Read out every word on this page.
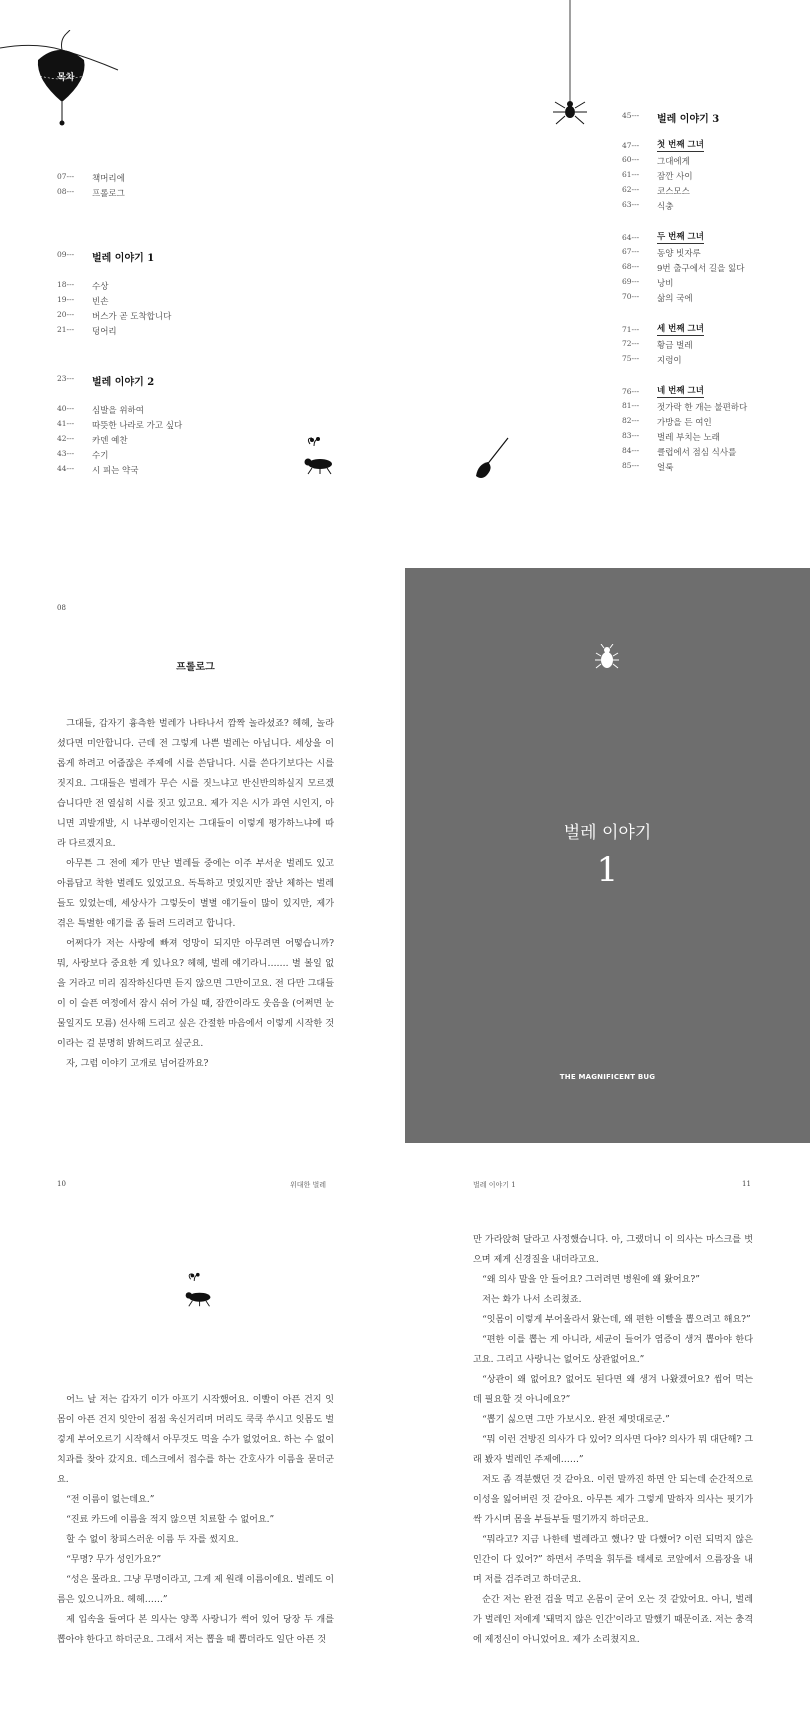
목차
07---	책머리에
08---	프롤로그
09--- 벌레 이야기 1
18---	수상
19---	빈손
20---	버스가 곧 도착합니다
21---	덩어리
23--- 벌레 이야기 2
40---	심발을 위하여
41---	따뜻한 나라로 가고 싶다
42---	카덴 예찬
43---	수기
44---	시 피는 약국
45--- 벌레 이야기 3
47--- 첫 번째 그녀
60---	그대에게
61---	잠깐 사이
62---	코스모스
63---	식충
64--- 두 번째 그녀
67---	동양 빗자루
68---	9번 출구에서 길을 잃다
69---	낭비
70---	삶의 국에
71--- 세 번째 그녀
72---	황금 벌레
75---	지렁이
76--- 네 번째 그녀
81---	젓가락 한 개는 불편하다
82---	가방을 든 여인
83---	벌레 부치는 노래
84---	클럽에서 점심 식사를
85---	얼룩
08
프롤로그

그대들, 갑자기 흉측한 벌레가 나타나서 깜짝 놀라셨죠? 헤헤, 놀라셨다면 미안합니다. 근데 전 그렇게 나쁜 벌레는 아닙니다. 세상을 이롭게 하려고 어줍잖은 주제에 시를 쓴답니다. 시를 쓴다기보다는 시를 짓지요. 그대들은 벌레가 무슨 시를 짓느냐고 반신반의하실지 모르겠습니다만 전 열심히 시를 짓고 있고요. 제가 지은 시가 과연 시인지, 아니면 괴발개발, 시 나부랭이인지는 그대들이 이렇게 평가하느냐에 따라 다르겠지요.

아무튼 그 전에 제가 만난 벌레들 중에는 이주 부서운 벌레도 있고 아름답고 착한 벌레도 있었고요. 독특하고 멋있지만 잘난 체하는 벌레들도 있었는데, 세상사가 그렇듯이 별별 얘기들이 많이 있지만, 제가 겪은 특별한 얘기를 좀 들려 드리려고 합니다.

어쩌다가 저는 사랑에 빠져 엉망이 되지만 아무려면 어떻습니까? 뭐, 사랑보다 중요한 게 있나요? 헤헤, 벌레 얘기라니……. 별 볼일 없을 거라고 미리 짐작하신다면 듣지 않으면 그만이고요. 전 다만 그대들이 이 슬픈 여정에서 잠시 쉬어 가실 때, 잠깐이라도 웃음을 (어쩌면 눈물일지도 모름) 선사해 드리고 싶은 간절한 마음에서 이렇게 시작한 것이라는 걸 분명히 밝혀드리고 싶군요.

자, 그럼 이야기 고개로 넘어갈까요?

벌레 이야기
1
THE MAGNIFICENT BUG
10	위대한 벌레

어느 날 저는 갑자기 이가 아프기 시작했어요. 이빨이 아픈 건지 잇몸이 아픈 건지 잇안이 점점 욱신거리며 머리도 쿡쿡 쑤시고 잇몸도 벌겋게 부어오르기 시작해서 아무것도 먹을 수가 없었어요. 하는 수 없이 치과를 찾아 갔지요. 데스크에서 접수를 하는 간호사가 이름을 묻더군요.

“전 이름이 없는데요.”

“진료 카드에 이름을 적지 않으면 치료할 수 없어요.”

할 수 없이 창피스러운 이름 두 자를 썼지요.

“무명? 무가 성인가요?”

“성은 몰라요. 그냥 무명이라고, 그게 제 원래 이름이에요. 벌레도 이름은 있으니까요. 헤헤……”

제 입속을 들여다 본 의사는 양쪽 사랑니가 썩어 있어 당장 두 개를 뽑아야 한다고 하더군요. 그래서 저는 뽑을 때 뽑더라도 일단 아픈 것

벌레 이야기 1	11

만 가라앉혀 달라고 사정했습니다. 아, 그랬더니 이 의사는 마스크를 벗으며 제게 신경질을 내더라고요.

“왜 의사 말을 안 들어요? 그러려면 병원에 왜 왔어요?”

저는 화가 나서 소리쳤죠.

“잇몸이 이렇게 부어올라서 왔는데, 왜 편한 이빨을 뽑으려고 해요?”

“편한 이를 뽑는 게 아니라, 세균이 들어가 염증이 생겨 뽑아야 한다고요. 그리고 사랑니는 없어도 상관없어요.”

“상관이 왜 없어요? 없어도 된다면 왜 생겨 나왔겠어요? 씹어 먹는 데 필요할 것 아니에요?”

“뽑기 싫으면 그만 가보시오. 완전 제멋대로군.”

“뭐 이런 건방진 의사가 다 있어? 의사면 다야? 의사가 뭐 대단해? 그래 봤자 벌레인 주제에……”

저도 좀 격분했던 것 같아요. 이런 말까진 하면 안 되는데 순간적으로 이성을 잃어버린 것 같아요. 아무튼 제가 그렇게 말하자 의사는 핏기가 싹 가시며 몸을 부들부들 떨기까지 하더군요.

“뭐라고? 지금 나한테 벌레라고 했나? 말 다했어? 이런 되먹지 않은 인간이 다 있어?” 하면서 주먹을 휘두를 태세로 코앞에서 으름장을 내며 저를 검주려고 하더군요.

순간 저는 완전 겁을 먹고 온몸이 굳어 오는 것 같았어요. 아니, 벌레가 벌레인 저에게 '돼먹지 않은 인간'이라고 말했기 때문이죠. 저는 충격에 제정신이 아니었어요. 제가 소리쳤지요.
